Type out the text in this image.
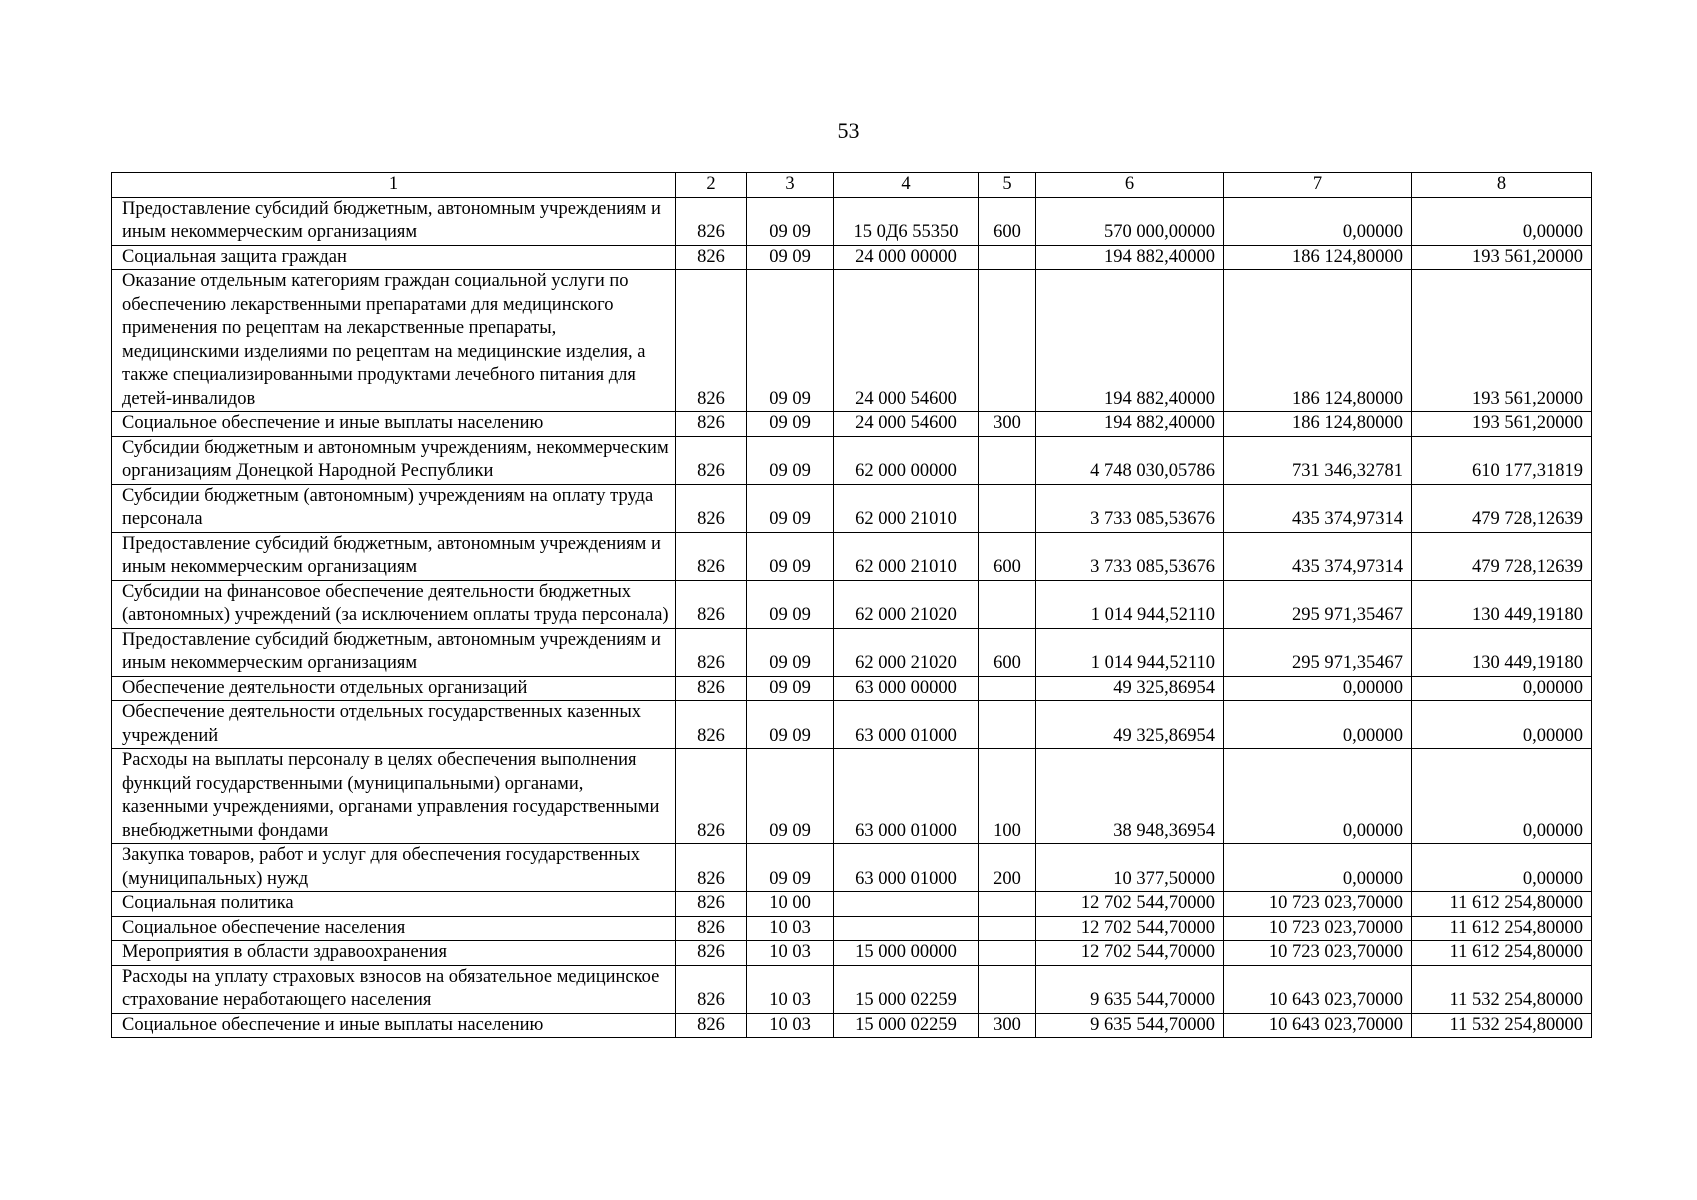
53
1	2	3	4	5	6	7	8
Предоставление субсидий бюджетным, автономным учреждениям и иным некоммерческим организациям	826	09 09	15 0Д6 55350	600	570 000,00000	0,00000	0,00000
Социальная защита граждан	826	09 09	24 000 00000		194 882,40000	186 124,80000	193 561,20000
Оказание отдельным категориям граждан социальной услуги по обеспечению лекарственными препаратами для медицинского применения по рецептам на лекарственные препараты, медицинскими изделиями по рецептам на медицинские изделия, а также специализированными продуктами лечебного питания для детей-инвалидов	826	09 09	24 000 54600		194 882,40000	186 124,80000	193 561,20000
Социальное обеспечение и иные выплаты населению	826	09 09	24 000 54600	300	194 882,40000	186 124,80000	193 561,20000
Субсидии бюджетным и автономным учреждениям, некоммерческим организациям Донецкой Народной Республики	826	09 09	62 000 00000		4 748 030,05786	731 346,32781	610 177,31819
Субсидии бюджетным (автономным) учреждениям на оплату труда персонала	826	09 09	62 000 21010		3 733 085,53676	435 374,97314	479 728,12639
Предоставление субсидий бюджетным, автономным учреждениям и иным некоммерческим организациям	826	09 09	62 000 21010	600	3 733 085,53676	435 374,97314	479 728,12639
Субсидии на финансовое обеспечение деятельности бюджетных (автономных) учреждений (за исключением оплаты труда персонала)	826	09 09	62 000 21020		1 014 944,52110	295 971,35467	130 449,19180
Предоставление субсидий бюджетным, автономным учреждениям и иным некоммерческим организациям	826	09 09	62 000 21020	600	1 014 944,52110	295 971,35467	130 449,19180
Обеспечение деятельности отдельных организаций	826	09 09	63 000 00000		49 325,86954	0,00000	0,00000
Обеспечение деятельности отдельных государственных казенных учреждений	826	09 09	63 000 01000		49 325,86954	0,00000	0,00000
Расходы на выплаты персоналу в целях обеспечения выполнения функций государственными (муниципальными) органами, казенными учреждениями, органами управления государственными внебюджетными фондами	826	09 09	63 000 01000	100	38 948,36954	0,00000	0,00000
Закупка товаров, работ и услуг для обеспечения государственных (муниципальных) нужд	826	09 09	63 000 01000	200	10 377,50000	0,00000	0,00000
Социальная политика	826	10 00			12 702 544,70000	10 723 023,70000	11 612 254,80000
Социальное обеспечение населения	826	10 03			12 702 544,70000	10 723 023,70000	11 612 254,80000
Мероприятия в области здравоохранения	826	10 03	15 000 00000		12 702 544,70000	10 723 023,70000	11 612 254,80000
Расходы на уплату страховых взносов на обязательное медицинское страхование неработающего населения	826	10 03	15 000 02259		9 635 544,70000	10 643 023,70000	11 532 254,80000
Социальное обеспечение и иные выплаты населению	826	10 03	15 000 02259	300	9 635 544,70000	10 643 023,70000	11 532 254,80000
